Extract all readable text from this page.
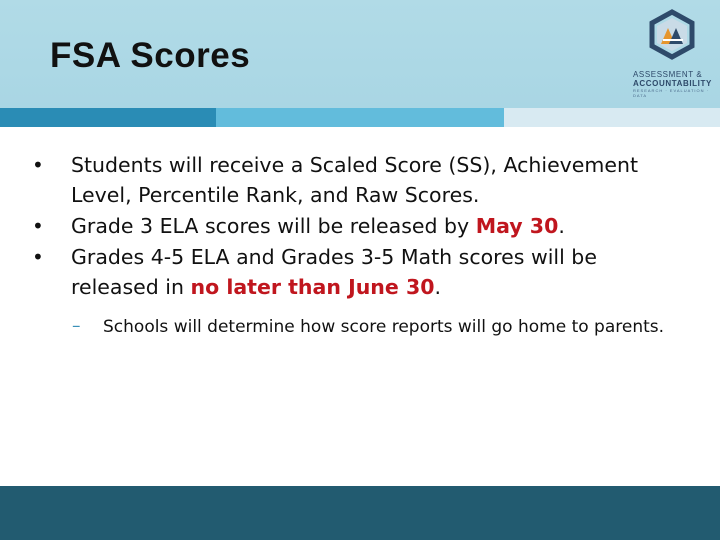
FSA Scores	ASSESSMENT &
ACCOUNTABILITY
RESEARCH · EVALUATION · DATA
• Students will receive a Scaled Score (SS), Achievement Level, Percentile Rank, and Raw Scores.
• Grade 3 ELA scores will be released by May 30.
• Grades 4-5 ELA and Grades 3-5 Math scores will be released in no later than June 30.
– Schools will determine how score reports will go home to parents.
